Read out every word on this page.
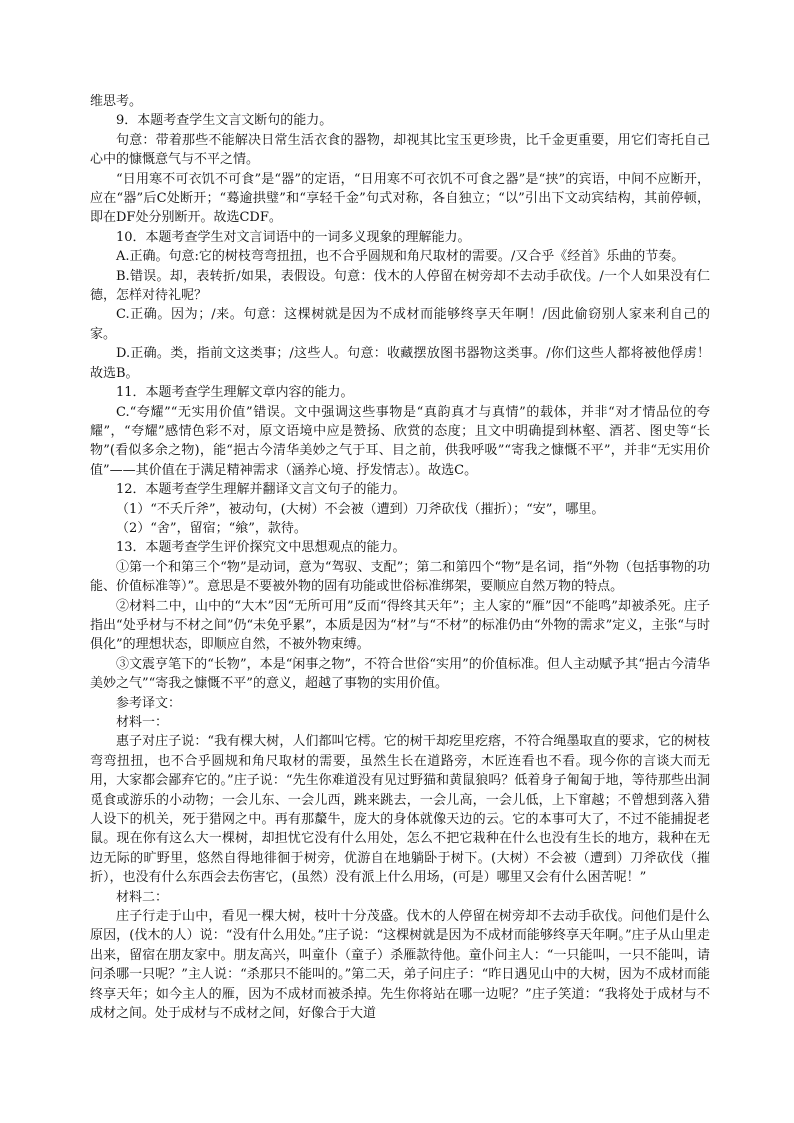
维思考。

9．本题考查学生文言文断句的能力。

句意：带着那些不能解决日常生活衣食的器物，却视其比宝玉更珍贵，比千金更重要，用它们寄托自己心中的慷慨意气与不平之情。

“日用寒不可衣饥不可食”是“器”的定语，“日用寒不可衣饥不可食之器”是“挟”的宾语，中间不应断开，应在“器”后C处断开；“蓦逾拱璧”和“享轻千金”句式对称，各自独立；“以”引出下文动宾结构，其前停顿，即在DF处分别断开。故选CDF。

10．本题考查学生对文言词语中的一词多义现象的理解能力。

A.正确。句意:它的树枝弯弯扭扭，也不合乎圆规和角尺取材的需要。/又合乎《经首》乐曲的节奏。

B.错误。却，表转折/如果，表假设。句意：伐木的人停留在树旁却不去动手砍伐。/一个人如果没有仁德，怎样对待礼呢？

C.正确。因为；/来。句意：这棵树就是因为不成材而能够终享天年啊！/因此偷窃别人家来利自己的家。

D.正确。类，指前文这类事；/这些人。句意：收藏摆放图书器物这类事。/你们这些人都将被他俘虏！故选B。

11．本题考查学生理解文章内容的能力。

C.“夸耀”“无实用价值”错误。文中强调这些事物是“真韵真才与真情”的载体，并非“对才情品位的夸耀”，“夸耀”感情色彩不对，原文语境中应是赞扬、欣赏的态度；且文中明确提到林壑、酒茗、图史等“长物”(看似多余之物)，能“挹古今清华美妙之气于耳、目之前，供我呼吸”“寄我之慷慨不平”，并非“无实用价值”——其价值在于满足精神需求（涵养心境、抒发情志）。故选C。

12．本题考查学生理解并翻译文言文句子的能力。

（1）“不夭斤斧”，被动句，(大树）不会被（遭到）刀斧砍伐（摧折）；“安”，哪里。

（2）“舍”，留宿；“飨”，款待。

13．本题考查学生评价探究文中思想观点的能力。

①第一个和第三个“物”是动词，意为“驾驭、支配”；第二和第四个“物”是名词，指“外物（包括事物的功能、价值标准等）”。意思是不要被外物的固有功能或世俗标准绑架，要顺应自然万物的特点。

②材料二中，山中的“大木”因“无所可用”反而“得终其天年”；主人家的“雁”因“不能鸣”却被杀死。庄子指出“处乎材与不材之间”仍“未免乎累”，本质是因为“材”与“不材”的标准仍由“外物的需求”定义，主张“与时俱化”的理想状态，即顺应自然，不被外物束缚。

③文震亨笔下的“长物”，本是“闲事之物”，不符合世俗“实用”的价值标准。但人主动赋予其“挹古今清华美妙之气”“寄我之慷慨不平”的意义，超越了事物的实用价值。

参考译文：

材料一：

惠子对庄子说：“我有棵大树，人们都叫它樗。它的树干却疙里疙瘩，不符合绳墨取直的要求，它的树枝弯弯扭扭，也不合乎圆规和角尺取材的需要，虽然生长在道路旁，木匠连看也不看。现今你的言谈大而无用，大家都会鄙弃它的。”庄子说：“先生你难道没有见过野猫和黄鼠狼吗？低着身子匍匐于地，等待那些出洞觅食或游乐的小动物；一会儿东、一会儿西，跳来跳去，一会儿高，一会儿低，上下窜越；不曾想到落入猎人设下的机关，死于猎网之中。再有那斄牛，庞大的身体就像天边的云。它的本事可大了，不过不能捕捉老鼠。现在你有这么大一棵树，却担忧它没有什么用处，怎么不把它栽种在什么也没有生长的地方，栽种在无边无际的旷野里，悠然自得地徘徊于树旁，优游自在地躺卧于树下。(大树）不会被（遭到）刀斧砍伐（摧折），也没有什么东西会去伤害它，(虽然）没有派上什么用场，(可是）哪里又会有什么困苦呢！”

材料二：

庄子行走于山中，看见一棵大树，枝叶十分茂盛。伐木的人停留在树旁却不去动手砍伐。问他们是什么原因，(伐木的人）说：“没有什么用处。”庄子说：“这棵树就是因为不成材而能够终享天年啊。”庄子从山里走出来，留宿在朋友家中。朋友高兴，叫童仆（童子）杀雁款待他。童仆问主人：“一只能叫，一只不能叫，请问杀哪一只呢？”主人说：“杀那只不能叫的。”第二天，弟子问庄子：“昨日遇见山中的大树，因为不成材而能终享天年；如今主人的雁，因为不成材而被杀掉。先生你将站在哪一边呢？”庄子笑道：“我将处于成材与不成材之间。处于成材与不成材之间，好像合于大道
